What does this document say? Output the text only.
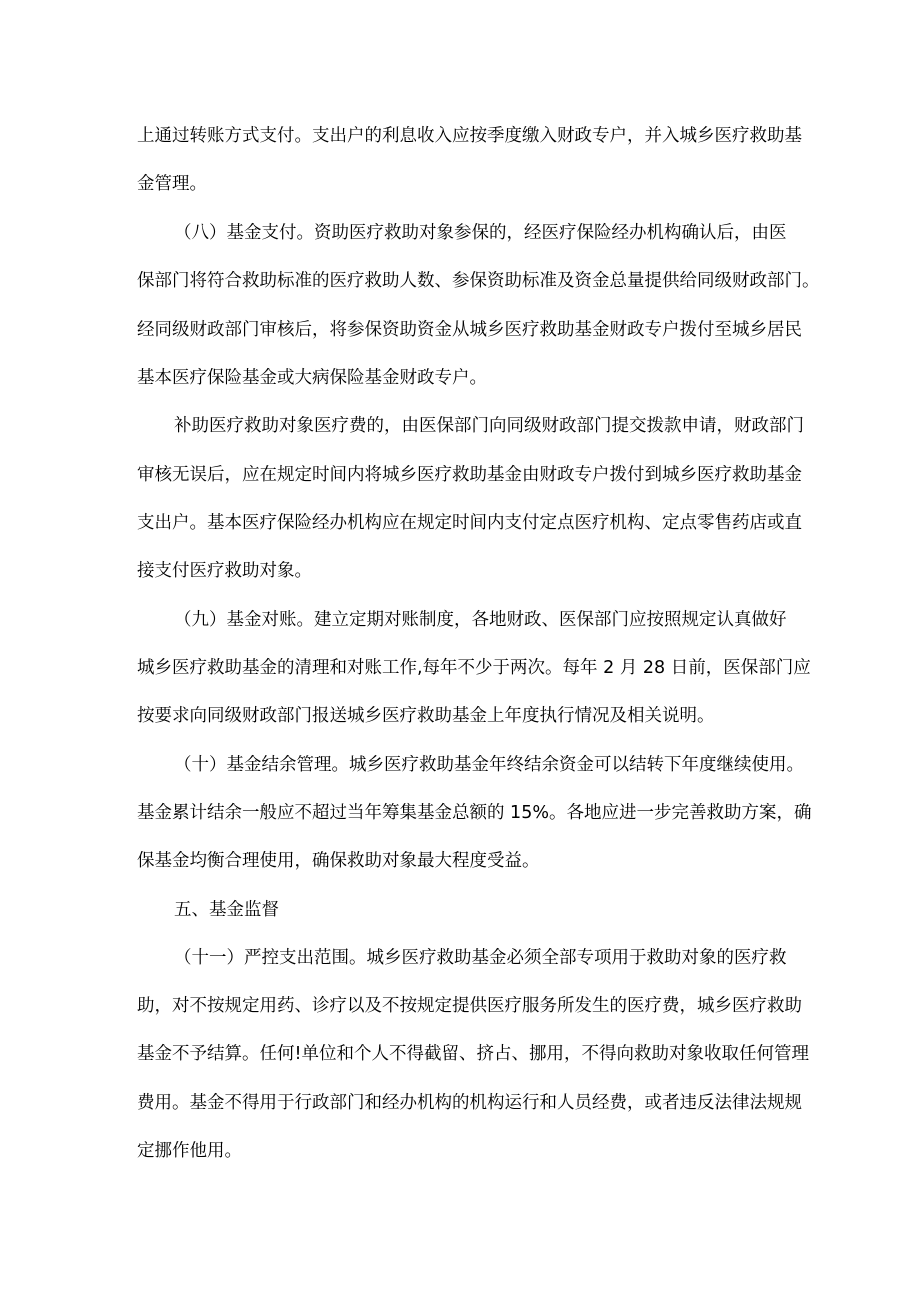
上通过转账方式支付。支出户的利息收入应按季度缴入财政专户，并入城乡医疗救助基

金管理。

（八）基金支付。资助医疗救助对象参保的，经医疗保险经办机构确认后，由医

保部门将符合救助标准的医疗救助人数、参保资助标准及资金总量提供给同级财政部门。

经同级财政部门审核后，将参保资助资金从城乡医疗救助基金财政专户拨付至城乡居民

基本医疗保险基金或大病保险基金财政专户。

补助医疗救助对象医疗费的，由医保部门向同级财政部门提交拨款申请，财政部门

审核无误后，应在规定时间内将城乡医疗救助基金由财政专户拨付到城乡医疗救助基金

支出户。基本医疗保险经办机构应在规定时间内支付定点医疗机构、定点零售药店或直

接支付医疗救助对象。

（九）基金对账。建立定期对账制度，各地财政、医保部门应按照规定认真做好

城乡医疗救助基金的清理和对账工作,每年不少于两次。每年 2 月 28 日前，医保部门应

按要求向同级财政部门报送城乡医疗救助基金上年度执行情况及相关说明。

（十）基金结余管理。城乡医疗救助基金年终结余资金可以结转下年度继续使用。

基金累计结余一般应不超过当年筹集基金总额的 15%。各地应进一步完善救助方案，确

保基金均衡合理使用，确保救助对象最大程度受益。

五、基金监督

（十一）严控支出范围。城乡医疗救助基金必须全部专项用于救助对象的医疗救

助，对不按规定用药、诊疗以及不按规定提供医疗服务所发生的医疗费，城乡医疗救助

基金不予结算。任何!单位和个人不得截留、挤占、挪用，不得向救助对象收取任何管理

费用。基金不得用于行政部门和经办机构的机构运行和人员经费，或者违反法律法规规

定挪作他用。
